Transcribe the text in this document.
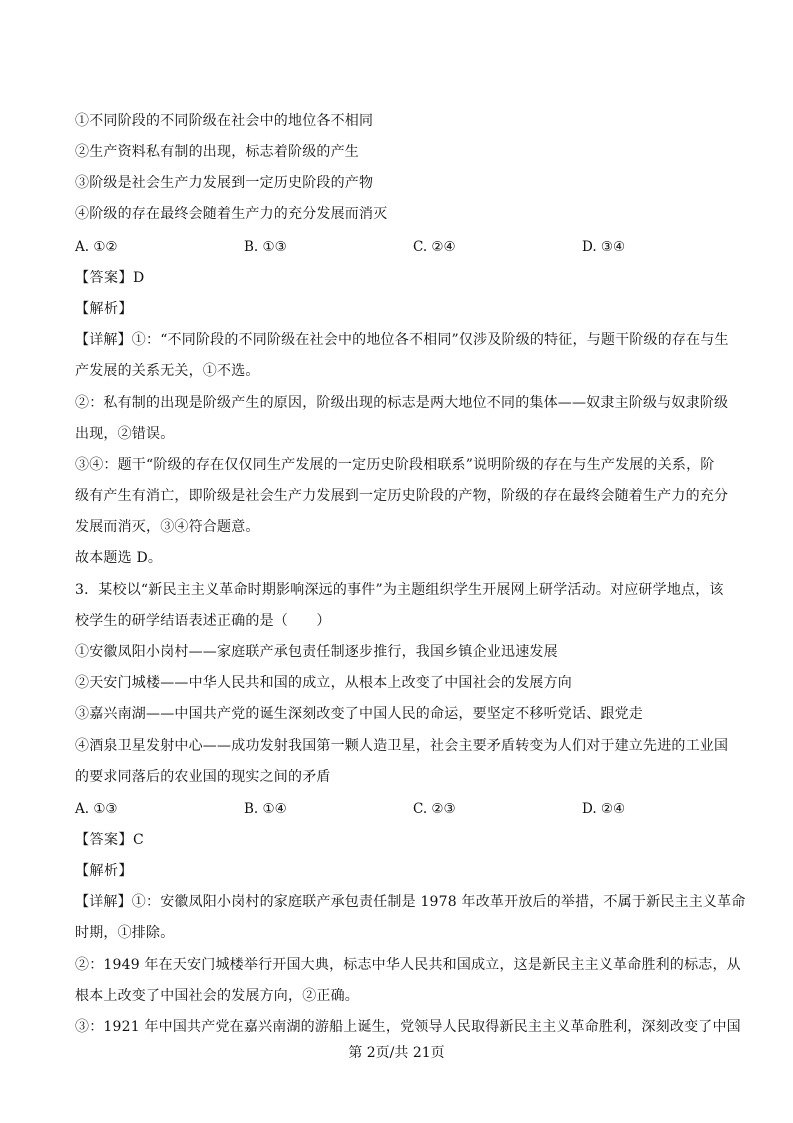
①不同阶段的不同阶级在社会中的地位各不相同
②生产资料私有制的出现，标志着阶级的产生
③阶级是社会生产力发展到一定历史阶段的产物
④阶级的存在最终会随着生产力的充分发展而消灭
A. ①②	B. ①③	C. ②④	D. ③④
【答案】D
【解析】
【详解】①：“不同阶段的不同阶级在社会中的地位各不相同”仅涉及阶级的特征，与题干阶级的存在与生
产发展的关系无关，①不选。
②：私有制的出现是阶级产生的原因，阶级出现的标志是两大地位不同的集体——奴隶主阶级与奴隶阶级
出现，②错误。
③④：题干“阶级的存在仅仅同生产发展的一定历史阶段相联系”说明阶级的存在与生产发展的关系，阶
级有产生有消亡，即阶级是社会生产力发展到一定历史阶段的产物，阶级的存在最终会随着生产力的充分
发展而消灭，③④符合题意。
故本题选 D。
3．某校以“新民主主义革命时期影响深远的事件”为主题组织学生开展网上研学活动。对应研学地点，该
校学生的研学结语表述正确的是（　　）
①安徽凤阳小岗村——家庭联产承包责任制逐步推行，我国乡镇企业迅速发展
②天安门城楼——中华人民共和国的成立，从根本上改变了中国社会的发展方向
③嘉兴南湖——中国共产党的诞生深刻改变了中国人民的命运，要坚定不移听党话、跟党走
④酒泉卫星发射中心——成功发射我国第一颗人造卫星，社会主要矛盾转变为人们对于建立先进的工业国
的要求同落后的农业国的现实之间的矛盾
A. ①③	B. ①④	C. ②③	D. ②④
【答案】C
【解析】
【详解】①：安徽凤阳小岗村的家庭联产承包责任制是 1978 年改革开放后的举措，不属于新民主主义革命
时期，①排除。
②：1949 年在天安门城楼举行开国大典，标志中华人民共和国成立，这是新民主主义革命胜利的标志，从
根本上改变了中国社会的发展方向，②正确。
③：1921 年中国共产党在嘉兴南湖的游船上诞生，党领导人民取得新民主主义革命胜利，深刻改变了中国
第 2页/共 21页
